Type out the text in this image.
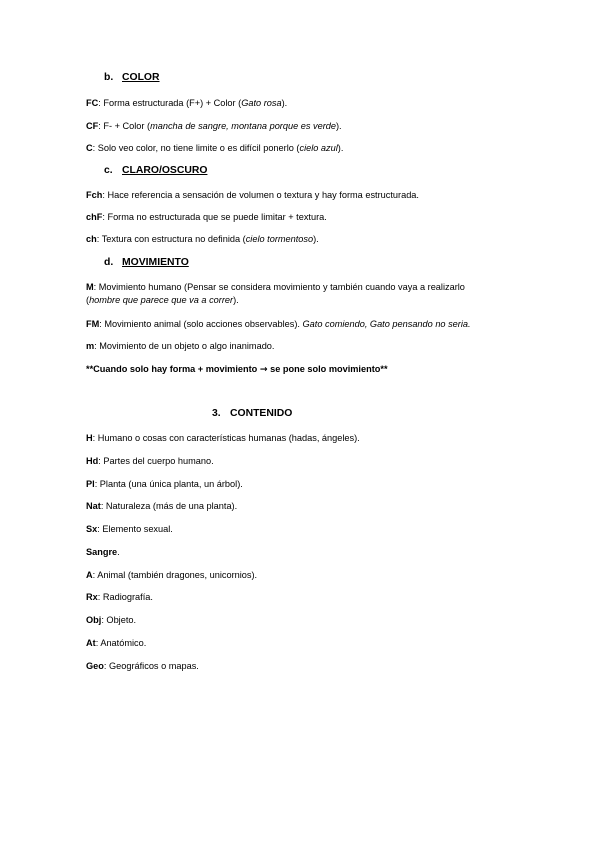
b. COLOR
FC: Forma estructurada (F+) + Color (Gato rosa).
CF: F- + Color (mancha de sangre, montana porque es verde).
C: Solo veo color, no tiene limite o es difícil ponerlo (cielo azul).
c. CLARO/OSCURO
Fch: Hace referencia a sensación de volumen o textura y hay forma estructurada.
chF: Forma no estructurada que se puede limitar + textura.
ch: Textura con estructura no definida (cielo tormentoso).
d. MOVIMIENTO
M: Movimiento humano (Pensar se considera movimiento y también cuando vaya a realizarlo
(hombre que parece que va a correr).
FM: Movimiento animal (solo acciones observables). Gato comiendo, Gato pensando no seria.
m: Movimiento de un objeto o algo inanimado.
**Cuando solo hay forma + movimiento → se pone solo movimiento**
3. CONTENIDO
H: Humano o cosas con características humanas (hadas, ángeles).
Hd: Partes del cuerpo humano.
Pl: Planta (una única planta, un árbol).
Nat: Naturaleza (más de una planta).
Sx: Elemento sexual.
Sangre.
A: Animal (también dragones, unicornios).
Rx: Radiografía.
Obj: Objeto.
At: Anatómico.
Geo: Geográficos o mapas.
